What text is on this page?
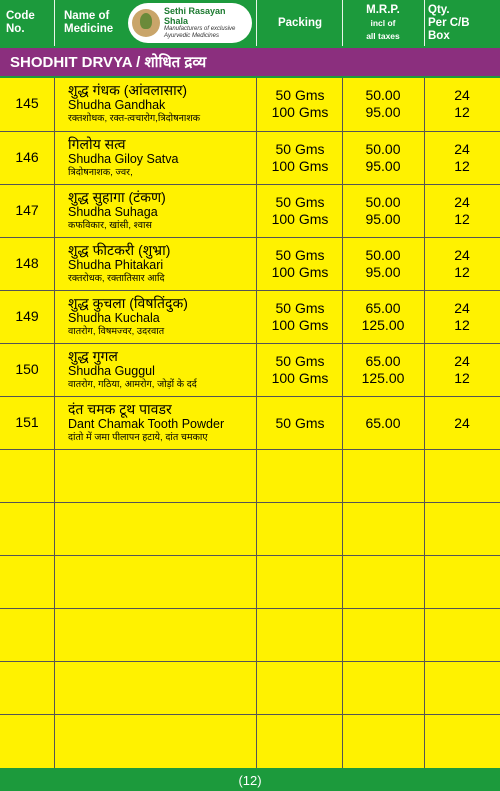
Code
No.
Name of
Medicine
Sethi Rasayan Shala
Manufacturers of exclusive
Ayurvedic Medicines
Packing
M.R.P.
incl of
all taxes
Qty.
Per C/B
Box
SHODHIT DRVYA / शोधित द्रव्य
145
शुद्ध गंधक (आंवलासार)
Shudha Gandhak
रक्तशोधक, रक्त-त्वचारोग,त्रिदोषनाशक
50 Gms
100 Gms
50.00
95.00
24
12
146
गिलोय सत्व
Shudha Giloy Satva
त्रिदोषनाशक, ज्वर,
50 Gms
100 Gms
50.00
95.00
24
12
147
शुद्ध सुहागा (टंकण)
Shudha Suhaga
कफविकार, खांसी, श्वास
50 Gms
100 Gms
50.00
95.00
24
12
148
शुद्ध फीटकरी (शुभ्रा)
Shudha Phitakari
रक्तरोधक, रक्तातिसार आदि
50 Gms
100 Gms
50.00
95.00
24
12
149
शुद्ध कुचला (विषतिंदुक)
Shudha Kuchala
वातरोग, विषमज्वर, उदरवात
50 Gms
100 Gms
65.00
125.00
24
12
150
शुद्ध गुगल
Shudha Guggul
वातरोग, गठिया, आमरोग, जोड़ों के दर्द
50 Gms
100 Gms
65.00
125.00
24
12
151
दंत चमक टूथ पावडर
Dant Chamak Tooth Powder
दांतो में जमा पीलापन हटाये, दांत चमकाए
50 Gms	65.00	24
(12)
